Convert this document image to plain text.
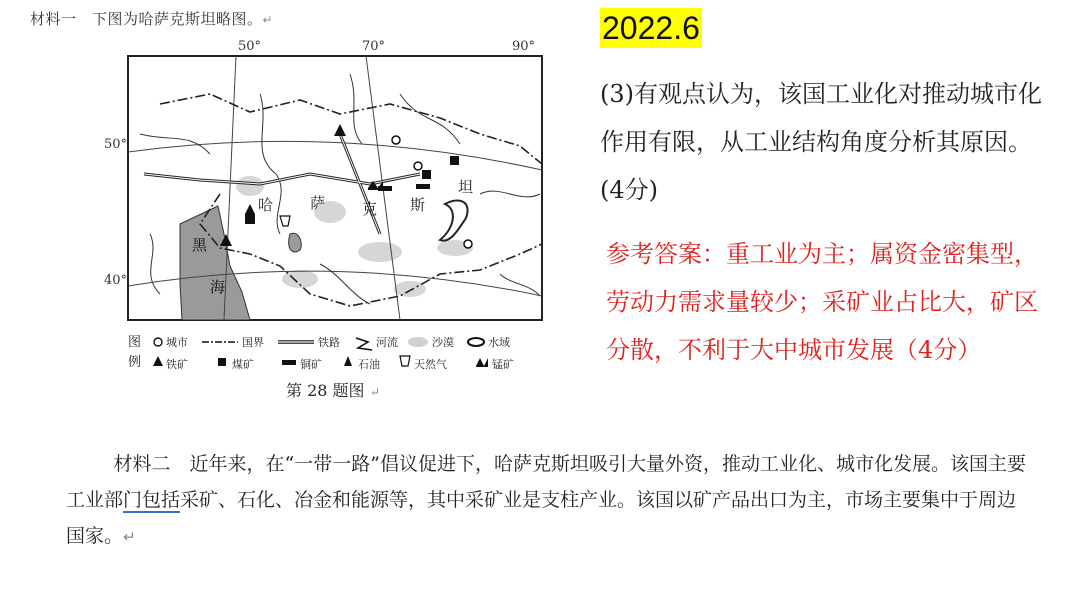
材料一　下图为哈萨克斯坦略图。↵	2022.6
(3)有观点认为，该国工业化对推动城市化作用有限，从工业结构角度分析其原因。(4分)
参考答案：重工业为主；属资金密集型，劳动力需求量较少；采矿业占比大，矿区分散，不利于大中城市发展（4分）
50°	70°	90°
50°
40°
哈 萨 克 斯
坦
黑
海
图
例
城市	国界	铁路	河流	沙漠	水域
铁矿	煤矿	铜矿	石油	天然气	锰矿
第 28 题图 ↵
材料二　 近年来，在“一带一路”倡议促进下，哈萨克斯坦吸引大量外资，推动工业化、城市化发展。该国主要工业部门包括采矿、石化、冶金和能源等，其中采矿业是支柱产业。该国以矿产品出口为主，市场主要集中于周边国家。↵
